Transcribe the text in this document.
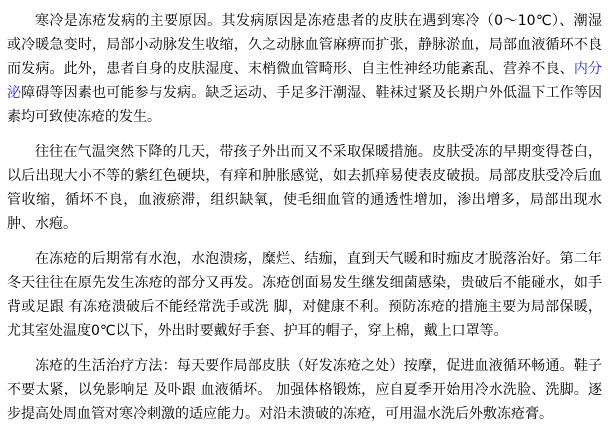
寒冷是冻疮发病的主要原因。其发病原因是冻疮患者的皮肤在遇到寒冷（0～10℃）、潮湿或冷暖急变时，局部小动脉发生收缩，久之动脉血管麻痹而扩张，静脉淤血，局部血液循环不良而发病。此外，患者自身的皮肤湿度、末梢微血管畸形、自主性神经功能紊乱、营养不良、内分泌障碍等因素也可能参与发病。缺乏运动、手足多汗潮湿、鞋袜过紧及长期户外低温下工作等因素均可致使冻疮的发生。

往往在气温突然下降的几天，带孩子外出而又不采取保暖措施。皮肤受冻的早期变得苍白，以后出现大小不等的紫红色硬块，有痒和肿胀感觉，如去抓痒易使表皮破损。局部皮肤受冷后血管收缩，循坏不良，血液瘀滞，组织缺氧，使毛细血管的通透性增加，渗出增多，局部出现水肿、水疱。

在冻疮的后期常有水泡，水泡溃疡，糜烂、结痂，直到天气暖和时痂皮才脱落治好。第二年冬天往往在原先发生冻疮的部分又再发。冻疮创面易发生继发细菌感染，贵破后不能碰水，如手背或足跟 有冻疮溃破后不能经常洗手或洗 脚，对健康不利。预防冻疮的措施主要为局部保暖，尤其室处温度0℃以下，外出时要戴好手套、护耳的帽子，穿上棉，戴上口罩等。

冻疮的生活治疗方法：每天要作局部皮肤（好发冻疮之处）按摩，促进血液循环畅通。鞋子不要太紧，以免影响足 及卟跟 血液循坏。 加强体格锻炼，应自夏季开始用冷水洗脸、洗脚。逐步提高处周血管对寒冷刺激的适应能力。对沿未溃破的冻疮，可用温水洗后外敷冻疮膏。
